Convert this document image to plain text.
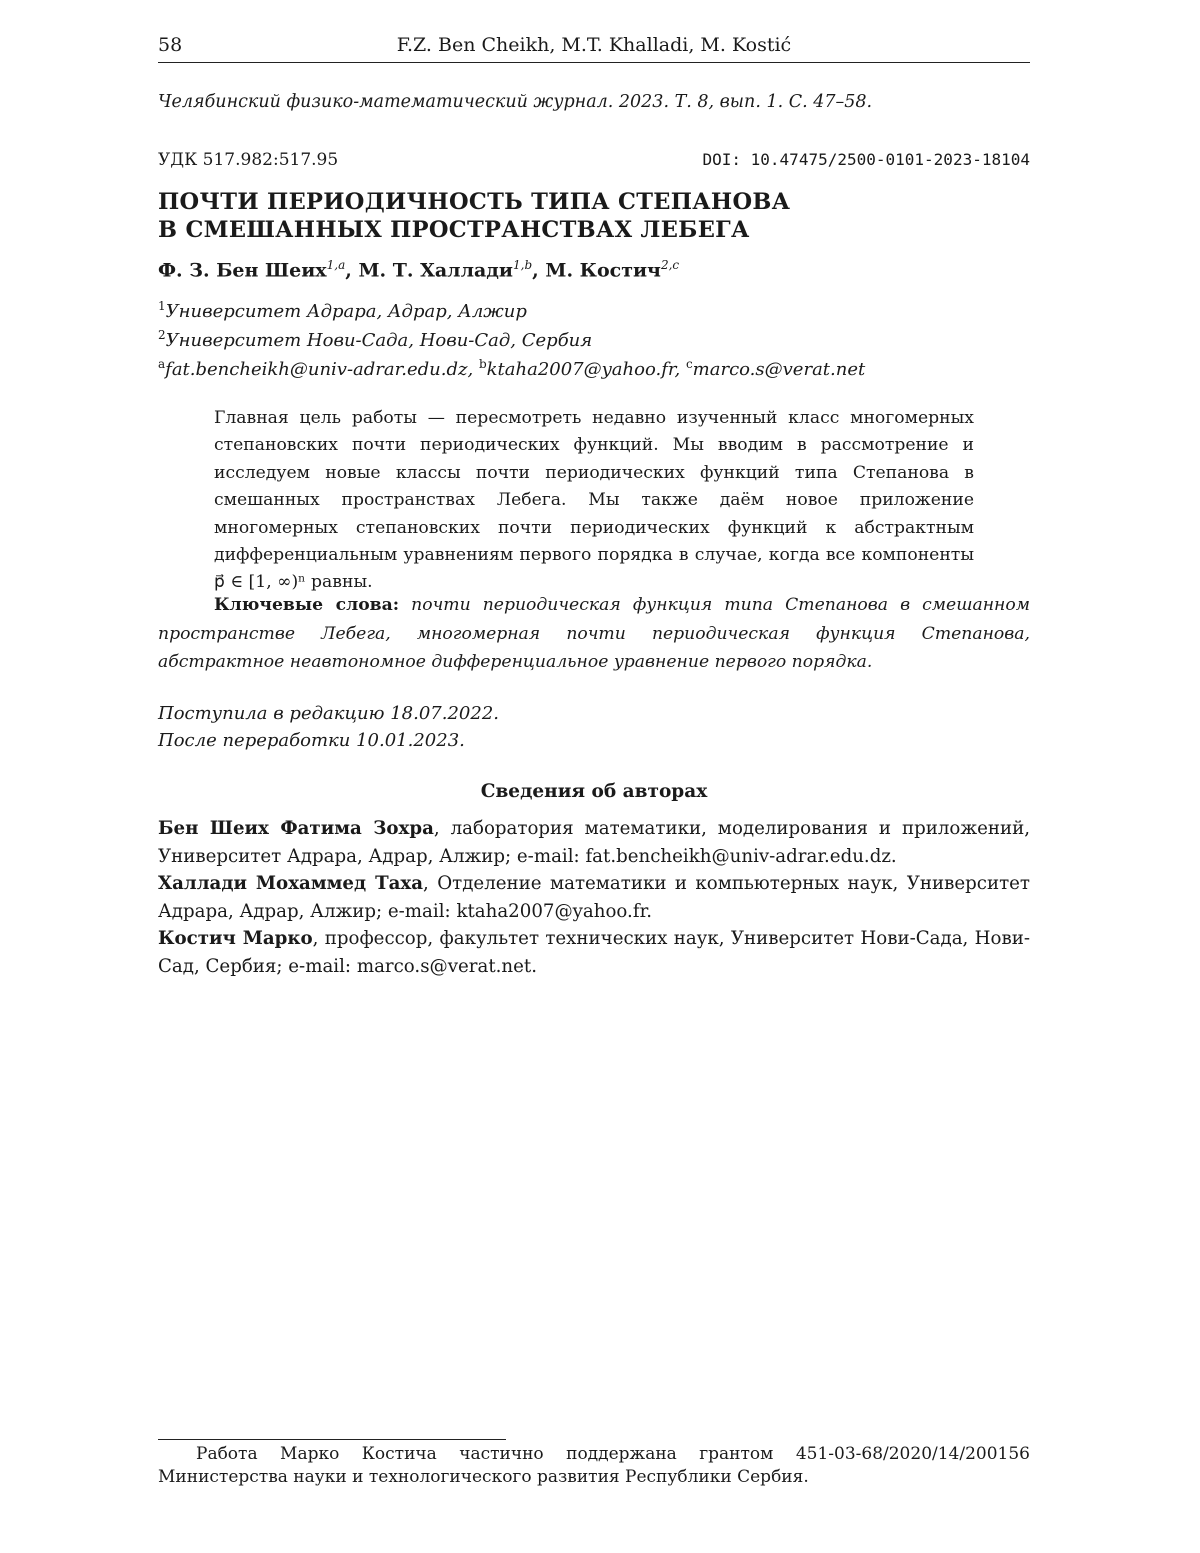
58	F.Z. Ben Cheikh, M.T. Khalladi, M. Kostić
Челябинский физико-математический журнал. 2023. Т. 8, вып. 1. С. 47–58.
УДК 517.982:517.95	DOI: 10.47475/2500-0101-2023-18104
ПОЧТИ ПЕРИОДИЧНОСТЬ ТИПА СТЕПАНОВА
В СМЕШАННЫХ ПРОСТРАНСТВАХ ЛЕБЕГА
Ф. З. Бен Шеих$^{1,a}$, М. Т. Халлади$^{1,b}$, М. Костич$^{2,c}$
$^1$Университет Адрара, Адрар, Алжир
$^2$Университет Нови-Сада, Нови-Сад, Сербия
$^a$fat.bencheikh@univ-adrar.edu.dz, $^b$ktaha2007@yahoo.fr, $^c$marco.s@verat.net
Главная цель работы — пересмотреть недавно изученный класс многомерных степановских почти периодических функций. Мы вводим в рассмотрение и исследуем новые классы почти периодических функций типа Степанова в смешанных пространствах Лебега. Мы также даём новое приложение многомерных степановских почти периодических функций к абстрактным дифференциальным уравнениям первого порядка в случае, когда все компоненты p⃗ ∈ [1, ∞)ⁿ равны.
Ключевые слова: почти периодическая функция типа Степанова в смешанном пространстве Лебега, многомерная почти периодическая функция Степанова, абстрактное неавтономное дифференциальное уравнение первого порядка.
Поступила в редакцию 18.07.2022.
После переработки 10.01.2023.
Сведения об авторах
Бен Шеих Фатима Зохра, лаборатория математики, моделирования и приложений, Университет Адрара, Адрар, Алжир; e-mail: fat.bencheikh@univ-adrar.edu.dz.
Халлади Мохаммед Таха, Отделение математики и компьютерных наук, Университет Адрара, Адрар, Алжир; e-mail: ktaha2007@yahoo.fr.
Костич Марко, профессор, факультет технических наук, Университет Нови-Сада, Нови-Сад, Сербия; e-mail: marco.s@verat.net.
Работа Марко Костича частично поддержана грантом 451-03-68/2020/14/200156 Министерства науки и технологического развития Республики Сербия.
